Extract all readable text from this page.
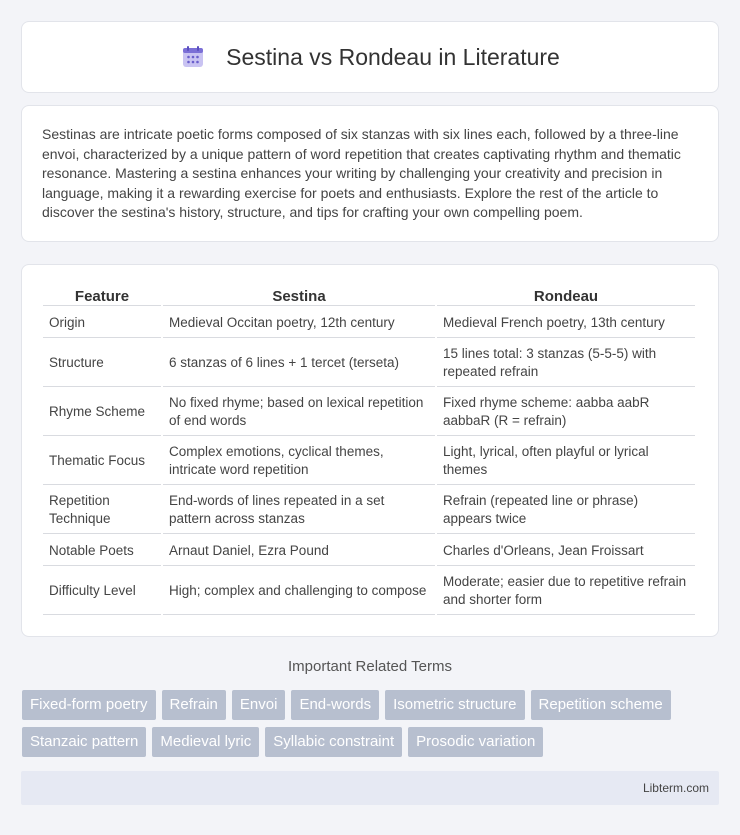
Sestina vs Rondeau in Literature

Sestinas are intricate poetic forms composed of six stanzas with six lines each, followed by a three-line envoi, characterized by a unique pattern of word repetition that creates captivating rhythm and thematic resonance. Mastering a sestina enhances your writing by challenging your creativity and precision in language, making it a rewarding exercise for poets and enthusiasts. Explore the rest of the article to discover the sestina's history, structure, and tips for crafting your own compelling poem.

Feature	Sestina	Rondeau
Origin	Medieval Occitan poetry, 12th century	Medieval French poetry, 13th century
Structure	6 stanzas of 6 lines + 1 tercet (terseta)	15 lines total: 3 stanzas (5-5-5) with repeated refrain
Rhyme Scheme	No fixed rhyme; based on lexical repetition of end words	Fixed rhyme scheme: aabba aabR aabbaR (R = refrain)
Thematic Focus	Complex emotions, cyclical themes, intricate word repetition	Light, lyrical, often playful or lyrical themes
Repetition Technique	End-words of lines repeated in a set pattern across stanzas	Refrain (repeated line or phrase) appears twice
Notable Poets	Arnaut Daniel, Ezra Pound	Charles d'Orleans, Jean Froissart
Difficulty Level	High; complex and challenging to compose	Moderate; easier due to repetitive refrain and shorter form
Important Related Terms
Fixed-form poetry	Refrain	Envoi	End-words	Isometric structure	Repetition scheme
Stanzaic pattern	Medieval lyric	Syllabic constraint	Prosodic variation
Libterm.com
